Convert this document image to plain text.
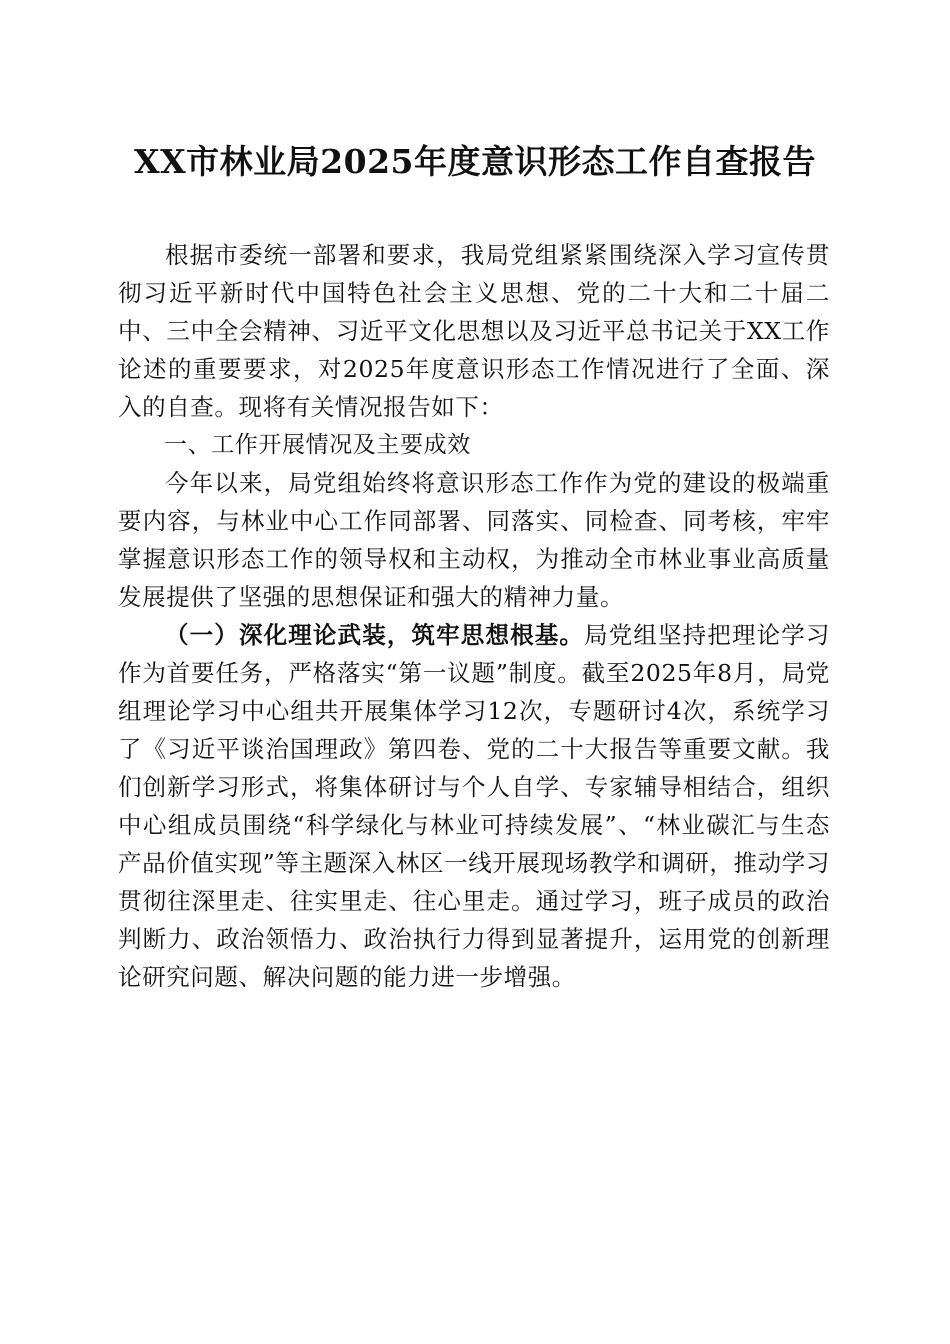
XX市林业局2025年度意识形态工作自查报告

根据市委统一部署和要求，我局党组紧紧围绕深入学习宣传贯彻习近平新时代中国特色社会主义思想、党的二十大和二十届二中、三中全会精神、习近平文化思想以及习近平总书记关于XX工作论述的重要要求，对2025年度意识形态工作情况进行了全面、深入的自查。现将有关情况报告如下：

一、工作开展情况及主要成效

今年以来，局党组始终将意识形态工作作为党的建设的极端重要内容，与林业中心工作同部署、同落实、同检查、同考核，牢牢掌握意识形态工作的领导权和主动权，为推动全市林业事业高质量发展提供了坚强的思想保证和强大的精神力量。

（一）深化理论武装，筑牢思想根基。局党组坚持把理论学习作为首要任务，严格落实“第一议题”制度。截至2025年8月，局党组理论学习中心组共开展集体学习12次，专题研讨4次，系统学习了《习近平谈治国理政》第四卷、党的二十大报告等重要文献。我们创新学习形式，将集体研讨与个人自学、专家辅导相结合，组织中心组成员围绕“科学绿化与林业可持续发展”、“林业碳汇与生态产品价值实现”等主题深入林区一线开展现场教学和调研，推动学习贯彻往深里走、往实里走、往心里走。通过学习，班子成员的政治判断力、政治领悟力、政治执行力得到显著提升，运用党的创新理论研究问题、解决问题的能力进一步增强。
